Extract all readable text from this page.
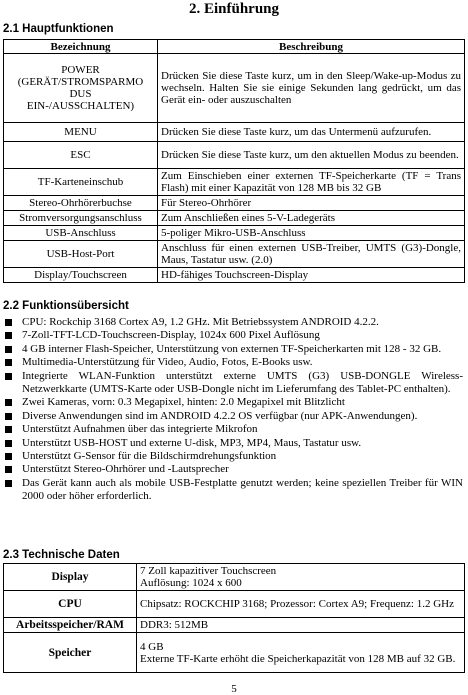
2. Einführung
2.1 Hauptfunktionen
Bezeichnung	Beschreibung
POWER
(GERÄT/STROMSPARMO
DUS
EIN-/AUSSCHALTEN)	Drücken Sie diese Taste kurz, um in den Sleep/Wake-up-Modus zu wechseln. Halten Sie sie einige Sekunden lang gedrückt, um das Gerät ein- oder auszuschalten
MENU	Drücken Sie diese Taste kurz, um das Untermenü aufzurufen.
ESC	Drücken Sie diese Taste kurz, um den aktuellen Modus zu beenden.
TF-Karteneinschub	Zum Einschieben einer externen TF-Speicherkarte (TF = Trans Flash) mit einer Kapazität von 128 MB bis 32 GB
Stereo-Ohrhörerbuchse	Für Stereo-Ohrhörer
Stromversorgungsanschluss	Zum Anschließen eines 5-V-Ladegeräts
USB-Anschluss	5-poliger Mikro-USB-Anschluss
USB-Host-Port	Anschluss für einen externen USB-Treiber, UMTS (G3)-Dongle, Maus, Tastatur usw. (2.0)
Display/Touchscreen	HD-fähiges Touchscreen-Display
2.2 Funktionsübersicht
CPU: Rockchip 3168 Cortex A9, 1.2 GHz. Mit Betriebssystem ANDROID 4.2.2.
7-Zoll-TFT-LCD-Touchscreen-Display, 1024x 600 Pixel Auflösung
4 GB interner Flash-Speicher, Unterstützung von externen TF-Speicherkarten mit 128 - 32 GB.
Multimedia-Unterstützung für Video, Audio, Fotos, E-Books usw.
Integrierte WLAN-Funktion unterstützt externe UMTS (G3) USB-DONGLE Wireless-Netzwerkkarte (UMTS-Karte oder USB-Dongle nicht im Lieferumfang des Tablet-PC enthalten).
Zwei Kameras, vorn: 0.3 Megapixel, hinten: 2.0 Megapixel mit Blitzlicht
Diverse Anwendungen sind im ANDROID 4.2.2 OS verfügbar (nur APK-Anwendungen).
Unterstützt Aufnahmen über das integrierte Mikrofon
Unterstützt USB-HOST und externe U-disk, MP3, MP4, Maus, Tastatur usw.
Unterstützt G-Sensor für die Bildschirmdrehungsfunktion
Unterstützt Stereo-Ohrhörer und -Lautsprecher
Das Gerät kann auch als mobile USB-Festplatte genutzt werden; keine speziellen Treiber für WIN 2000 oder höher erforderlich.
2.3 Technische Daten
Display	7 Zoll kapazitiver Touchscreen
Auflösung: 1024 x 600
CPU	Chipsatz: ROCKCHIP 3168; Prozessor: Cortex A9; Frequenz: 1.2 GHz
Arbeitsspeicher/RAM	DDR3: 512MB
Speicher	4 GB
Externe TF-Karte erhöht die Speicherkapazität von 128 MB auf 32 GB.
5
